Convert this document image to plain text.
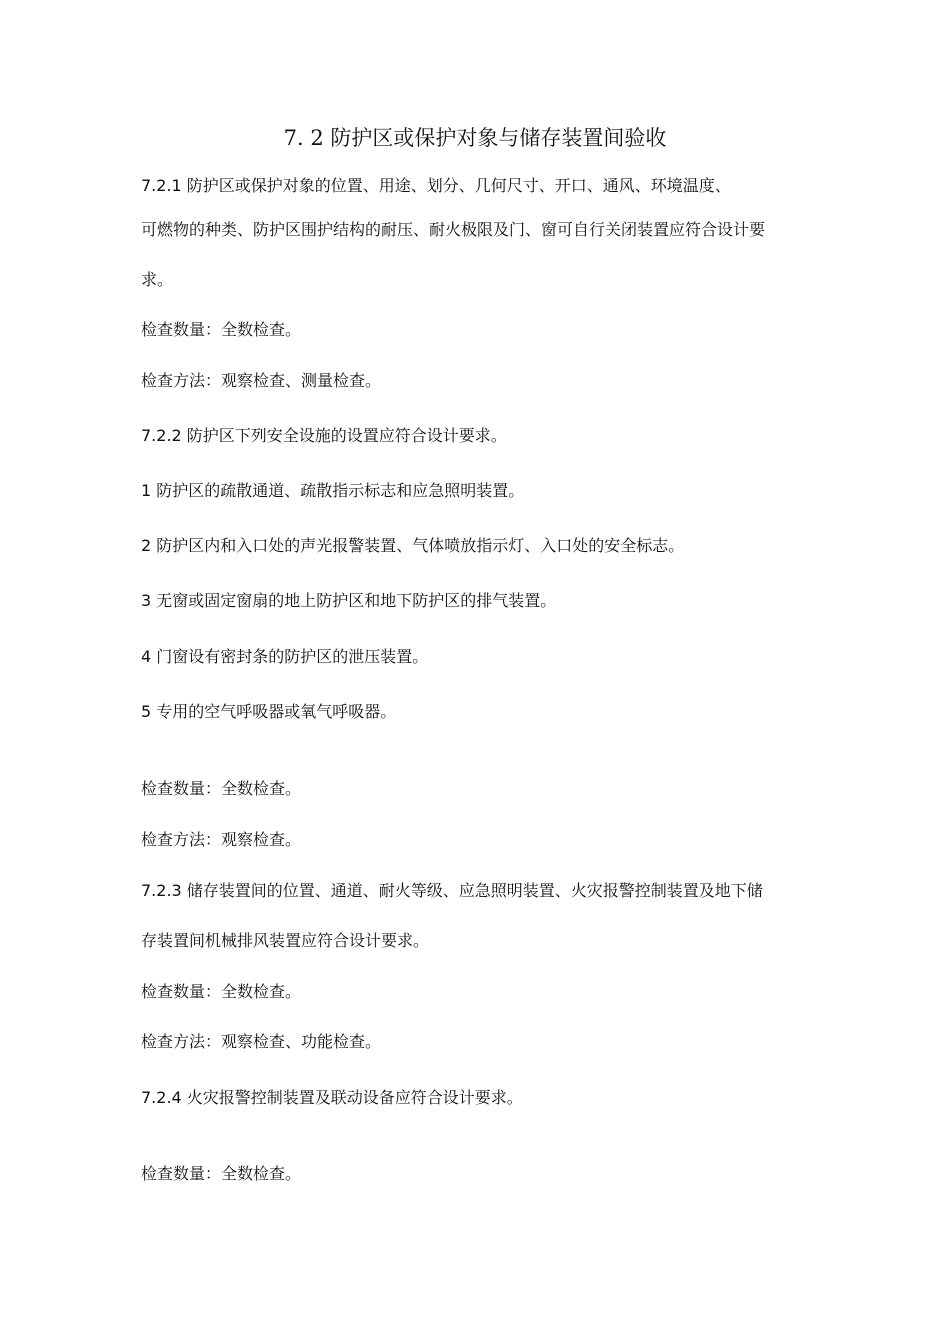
7. 2 防护区或保护对象与储存装置间验收
7.2.1 防护区或保护对象的位置、用途、划分、几何尺寸、开口、通风、环境温度、
可燃物的种类、防护区围护结构的耐压、耐火极限及门、窗可自行关闭装置应符合设计要
求。
检查数量：全数检查。
检查方法：观察检查、测量检查。
7.2.2 防护区下列安全设施的设置应符合设计要求。
1 防护区的疏散通道、疏散指示标志和应急照明装置。
2 防护区内和入口处的声光报警装置、气体喷放指示灯、入口处的安全标志。
3 无窗或固定窗扇的地上防护区和地下防护区的排气装置。
4 门窗设有密封条的防护区的泄压装置。
5 专用的空气呼吸器或氧气呼吸器。
检查数量：全数检查。
检查方法：观察检查。
7.2.3 储存装置间的位置、通道、耐火等级、应急照明装置、火灾报警控制装置及地下储
存装置间机械排风装置应符合设计要求。
检查数量：全数检查。
检查方法：观察检查、功能检查。
7.2.4 火灾报警控制装置及联动设备应符合设计要求。
检查数量：全数检查。
